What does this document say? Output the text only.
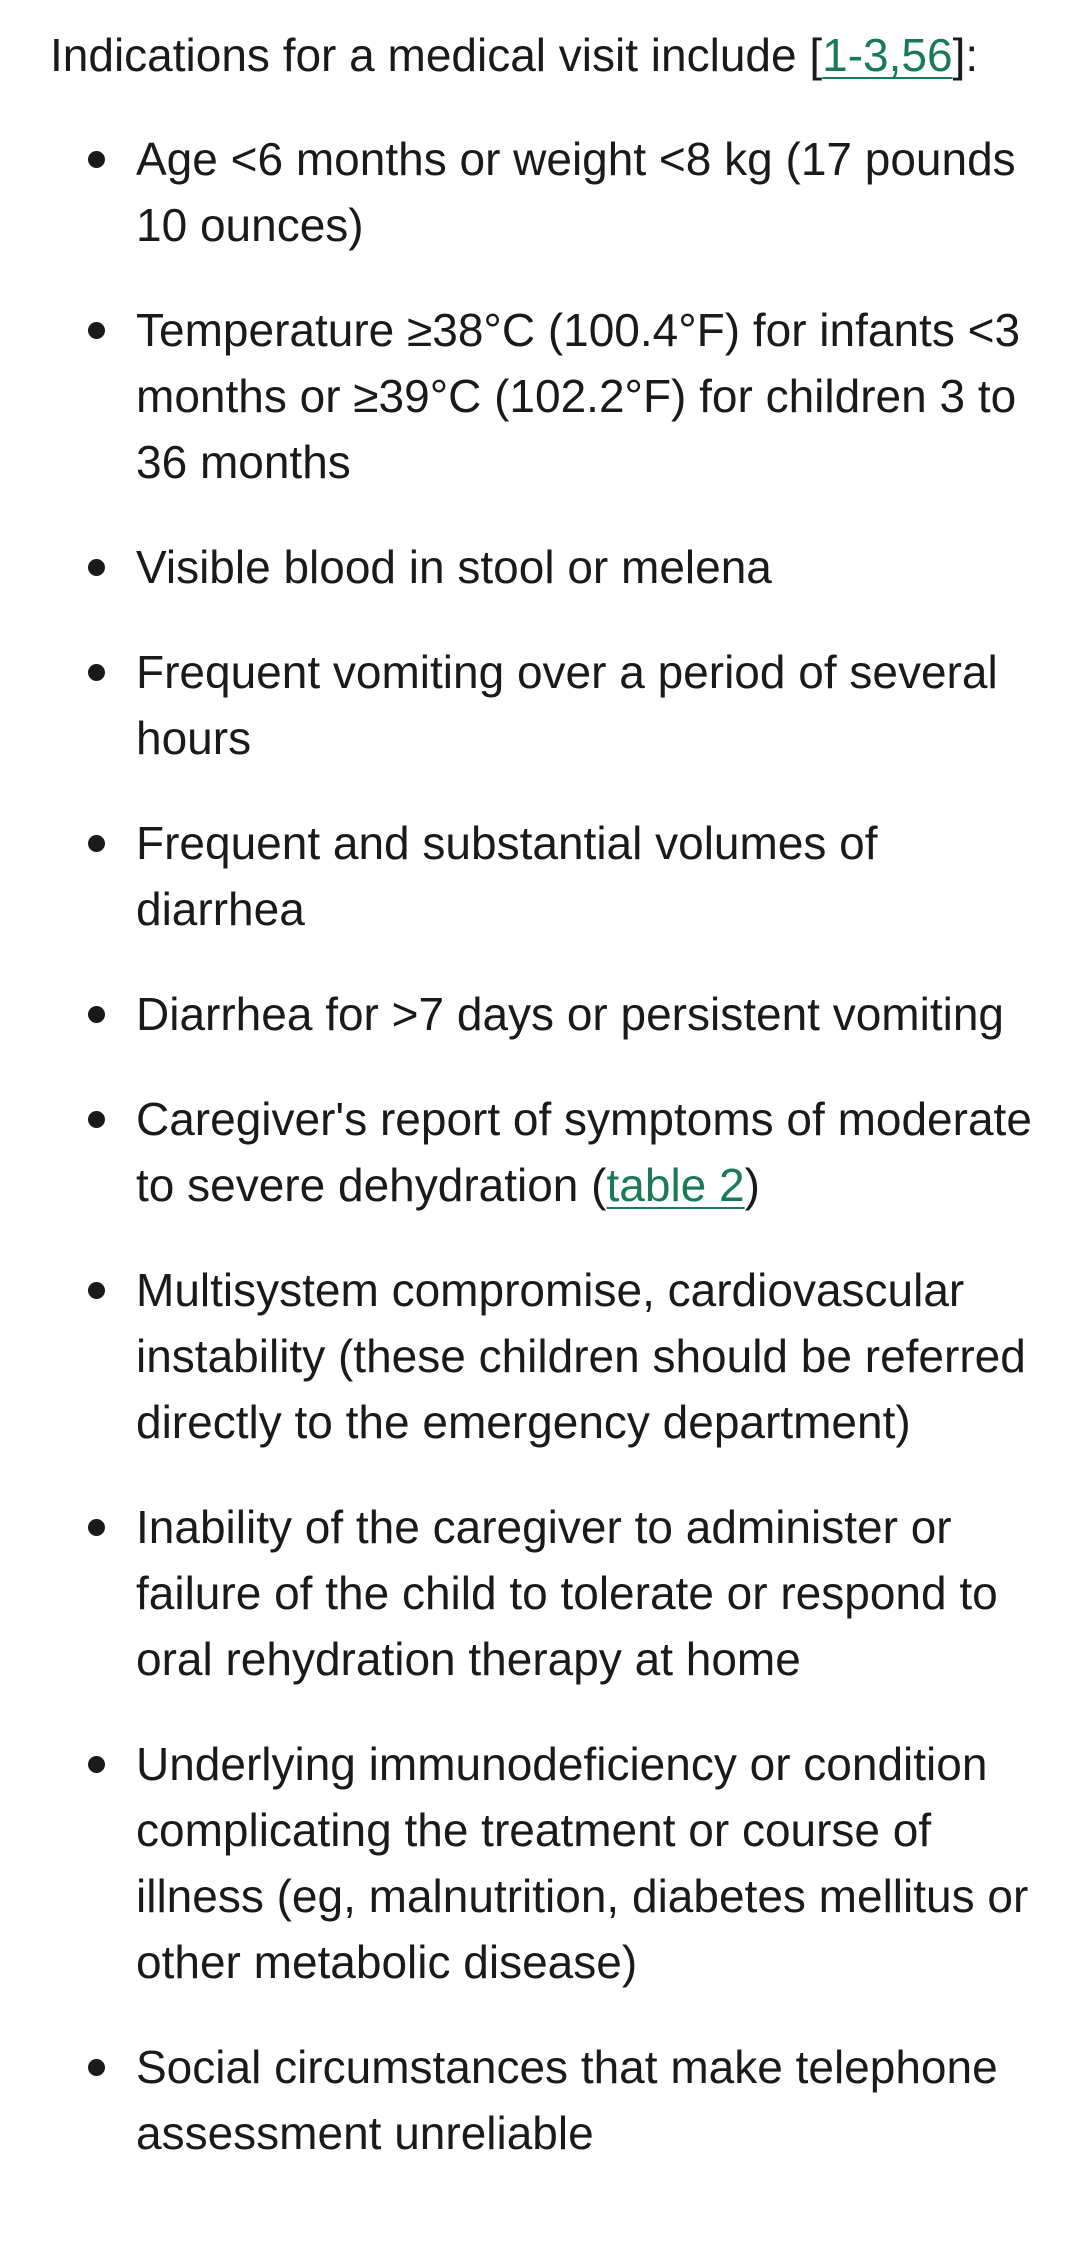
Indications for a medical visit include [1-3,56]:

Age <6 months or weight <8 kg (17 pounds 10 ounces)
Temperature ≥38°C (100.4°F) for infants <3 months or ≥39°C (102.2°F) for children 3 to 36 months
Visible blood in stool or melena
Frequent vomiting over a period of several hours
Frequent and substantial volumes of diarrhea
Diarrhea for >7 days or persistent vomiting
Caregiver's report of symptoms of moderate to severe dehydration (table 2)
Multisystem compromise, cardiovascular instability (these children should be referred directly to the emergency department)
Inability of the caregiver to administer or failure of the child to tolerate or respond to oral rehydration therapy at home
Underlying immunodeficiency or condition complicating the treatment or course of illness (eg, malnutrition, diabetes mellitus or other metabolic disease)
Social circumstances that make telephone assessment unreliable
